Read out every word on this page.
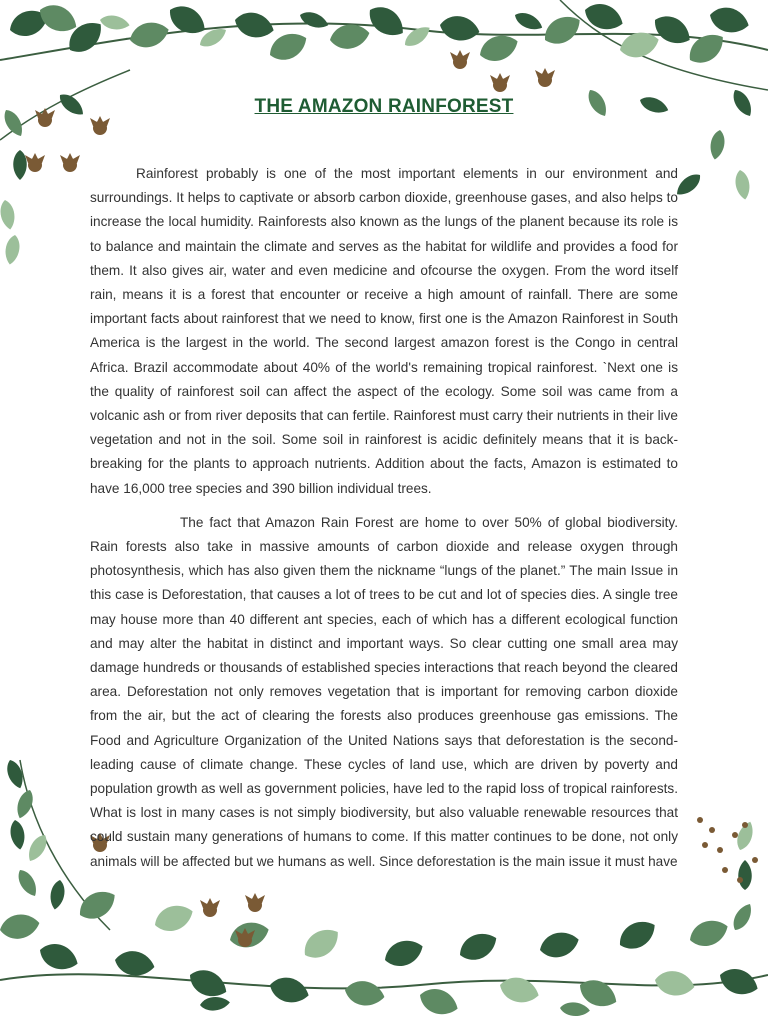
THE AMAZON RAINFOREST

Rainforest probably is one of the most important elements in our environment and surroundings. It helps to captivate or absorb carbon dioxide, greenhouse gases, and also helps to increase the local humidity. Rainforests also known as the lungs of the planent because its role is to balance and maintain the climate and serves as the habitat for wildlife and provides a food for them. It also gives air, water and even medicine and ofcourse the oxygen. From the word itself rain, means it is a forest that encounter or receive a high amount of rainfall. There are some important facts about rainforest that we need to know, first one is the Amazon Rainforest in South America is the largest in the world. The second largest amazon forest is the Congo in central Africa. Brazil accommodate about 40% of the world's remaining tropical rainforest. `Next one is the quality of rainforest soil can affect the aspect of the ecology. Some soil was came from a volcanic ash or from river deposits that can fertile. Rainforest must carry their nutrients in their live vegetation and not in the soil. Some soil in rainforest is acidic definitely means that it is back-breaking for the plants to approach nutrients. Addition about the facts, Amazon is estimated to have 16,000 tree species and 390 billion individual trees.

The fact that Amazon Rain Forest are home to over 50% of global biodiversity. Rain forests also take in massive amounts of carbon dioxide and release oxygen through photosynthesis, which has also given them the nickname “lungs of the planet.” The main Issue in this case is Deforestation, that causes a lot of trees to be cut and lot of species dies. A single tree may house more than 40 different ant species, each of which has a different ecological function and may alter the habitat in distinct and important ways. So clear cutting one small area may damage hundreds or thousands of established species interactions that reach beyond the cleared area. Deforestation not only removes vegetation that is important for removing carbon dioxide from the air, but the act of clearing the forests also produces greenhouse gas emissions. The Food and Agriculture Organization of the United Nations says that deforestation is the second-leading cause of climate change. These cycles of land use, which are driven by poverty and population growth as well as government policies, have led to the rapid loss of tropical rainforests. What is lost in many cases is not simply biodiversity, but also valuable renewable resources that could sustain many generations of humans to come. If this matter continues to be done, not only animals will be affected but we humans as well. Since deforestation is the main issue it must have
